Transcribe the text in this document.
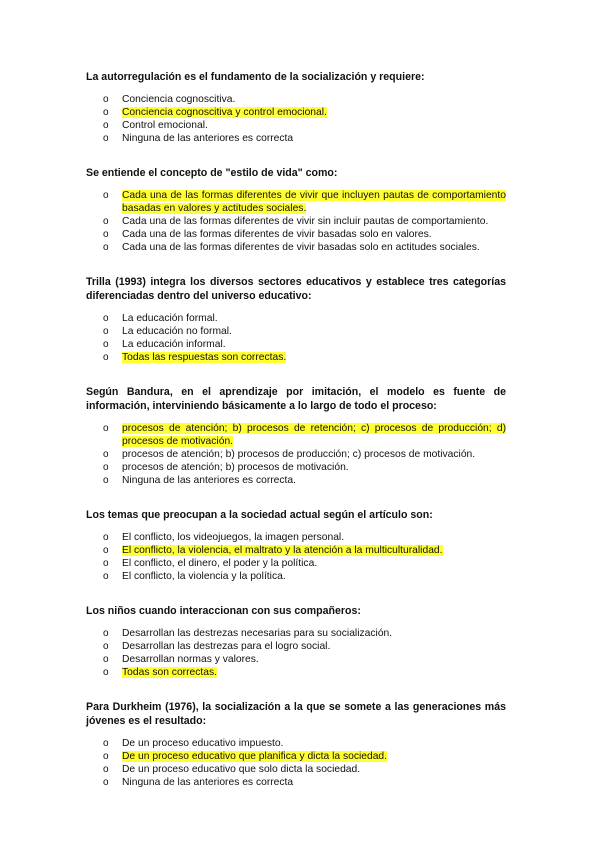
La autorregulación es el fundamento de la socialización y requiere:

o Conciencia cognoscitiva.
o Conciencia cognoscitiva y control emocional.
o Control emocional.
o Ninguna de las anteriores es correcta

Se entiende el concepto de "estilo de vida" como:

o Cada una de las formas diferentes de vivir que incluyen pautas de comportamiento basadas en valores y actitudes sociales.
o Cada una de las formas diferentes de vivir sin incluir pautas de comportamiento.
o Cada una de las formas diferentes de vivir basadas solo en valores.
o Cada una de las formas diferentes de vivir basadas solo en actitudes sociales.

Trilla (1993) integra los diversos sectores educativos y establece tres categorías diferenciadas dentro del universo educativo:

o La educación formal.
o La educación no formal.
o La educación informal.
o Todas las respuestas son correctas.

Según Bandura, en el aprendizaje por imitación, el modelo es fuente de información, interviniendo básicamente a lo largo de todo el proceso:

o procesos de atención; b) procesos de retención; c) procesos de producción; d) procesos de motivación.
o procesos de atención; b) procesos de producción; c) procesos de motivación.
o procesos de atención; b) procesos de motivación.
o Ninguna de las anteriores es correcta.

Los temas que preocupan a la sociedad actual según el artículo son:

o El conflicto, los videojuegos, la imagen personal.
o El conflicto, la violencia, el maltrato y la atención a la multiculturalidad.
o El conflicto, el dinero, el poder y la política.
o El conflicto, la violencia y la política.

Los niños cuando interaccionan con sus compañeros:

o Desarrollan las destrezas necesarias para su socialización.
o Desarrollan las destrezas para el logro social.
o Desarrollan normas y valores.
o Todas son correctas.

Para Durkheim (1976), la socialización a la que se somete a las generaciones más jóvenes es el resultado:

o De un proceso educativo impuesto.
o De un proceso educativo que planifica y dicta la sociedad.
o De un proceso educativo que solo dicta la sociedad.
o Ninguna de las anteriores es correcta
